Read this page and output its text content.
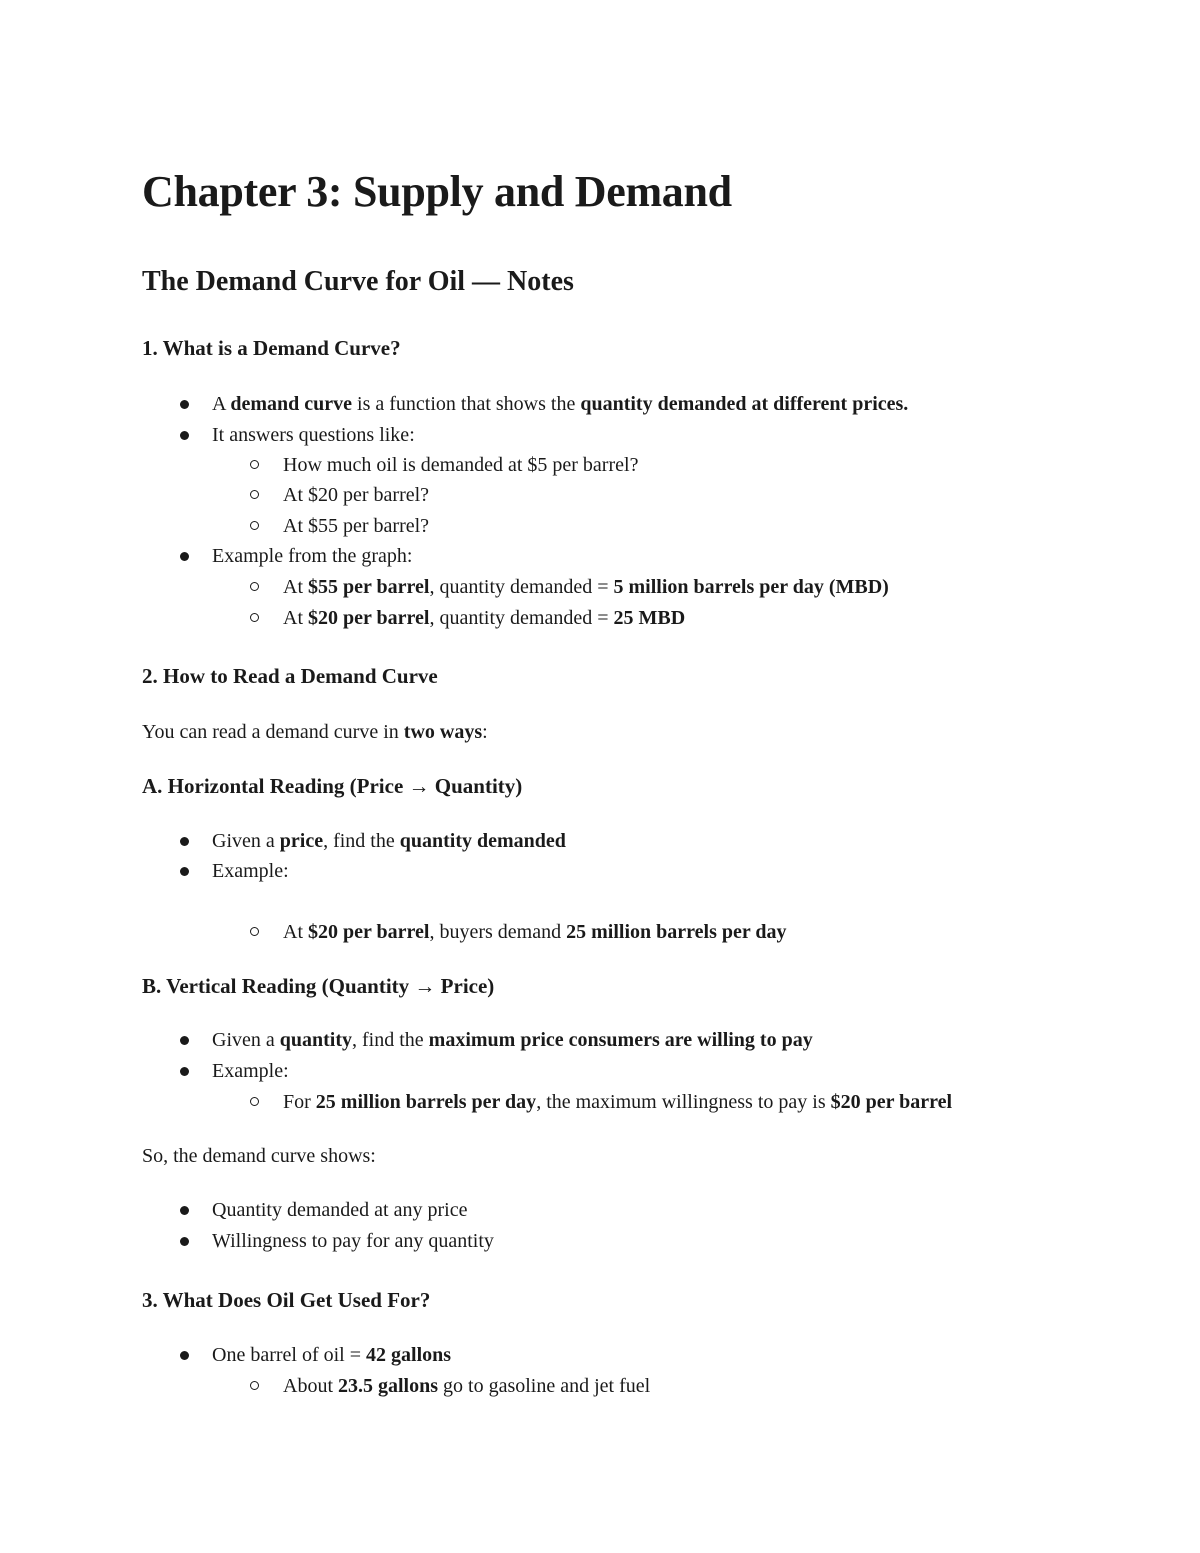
Chapter 3: Supply and Demand
The Demand Curve for Oil — Notes
1. What is a Demand Curve?
A demand curve is a function that shows the quantity demanded at different prices.
It answers questions like:
How much oil is demanded at $5 per barrel?
At $20 per barrel?
At $55 per barrel?
Example from the graph:
At $55 per barrel, quantity demanded = 5 million barrels per day (MBD)
At $20 per barrel, quantity demanded = 25 MBD
2. How to Read a Demand Curve

You can read a demand curve in two ways:

A. Horizontal Reading (Price → Quantity)
Given a price, find the quantity demanded
Example:
At $20 per barrel, buyers demand 25 million barrels per day
B. Vertical Reading (Quantity → Price)
Given a quantity, find the maximum price consumers are willing to pay
Example:
For 25 million barrels per day, the maximum willingness to pay is $20 per barrel

So, the demand curve shows:

Quantity demanded at any price
Willingness to pay for any quantity
3. What Does Oil Get Used For?
One barrel of oil = 42 gallons
About 23.5 gallons go to gasoline and jet fuel
